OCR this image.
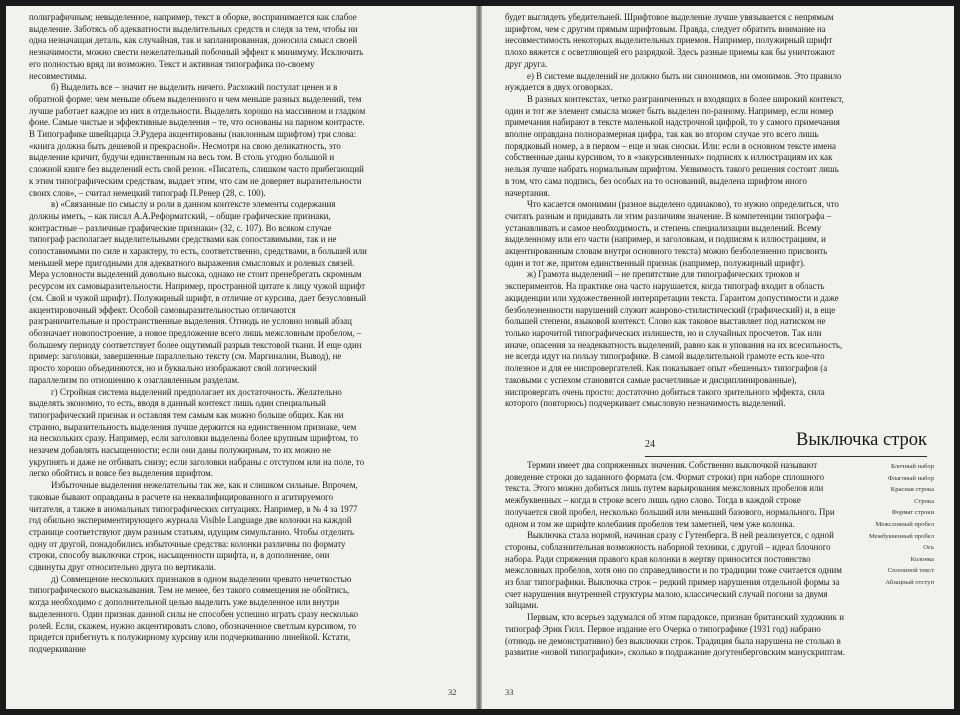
полиграфичным; невыделенное, например, текст в оборке, воспринимается как слабое выделение. Заботясь об адекватности выделительных средств и следя за тем, чтобы ни одна незначащая деталь, как случайная, так и запланированная, доносила смысл своей незначимости, можно свести нежелательный побочный эффект к минимуму. Исключить его полностью вряд ли возможно. Текст и активная типографика по-своему несовместимы.

б) Выделить все – значит не выделить ничего. Расхожий постулат ценен и в обратной форме: чем меньше объем выделенного и чем меньше разных выделений, тем лучше работает каждое из них в отдельности. Выделять хорошо на массивном и гладком фоне. Самые чистые и эффективные выделения – те, что основаны на парном контрасте. В Типографике швейцарца Э.Рудера акцентированы (наклонным шрифтом) три слова: «книга должна быть дешевой и прекрасной». Несмотря на свою деликатность, это выделение кричит, будучи единственным на весь том. В столь угодно большой и сложной книге без выделений есть свой резон. «Писатель, слишком часто прибегающий к этим типографическим средствам, выдает этим, что сам не доверяет выразительности своих слов», – считал немецкий типограф П.Ренер (28, с. 100).

в) «Связанные по смыслу и роли в данном контексте элементы содержания должны иметь, – как писал А.А.Реформатский, – общие графические признаки, контрастные – различные графические признаки» (32, с. 107). Во всяком случае типограф располагает выделительными средствами как сопоставимыми, так и не сопоставимыми по силе и характеру, то есть, соответственно, средствами, в большей или меньшей мере пригодными для адекватного выражения смысловых и ролевых связей. Мера условности выделений довольно высока, однако не стоит пренебрегать скромным ресурсом их самовыразительности. Например, прострaнной цитате к лицу чужой шрифт (см. Свой и чужой шрифт). Полужирный шрифт, в отличие от курсива, дает безусловный акцентировочный эффект. Особой самовыразительностью отличаются разграничительные и пространственные выделения. Отнюдь не условно новый абзац обозначает новопостроение, а новое предложение всего лишь межсловным пробелом, – большему периоду соответствует более ощутимый разрыв текстовой ткани. И еще один пример: заголовки, завершенные параллельно тексту (см. Маргиналии, Вывод), не просто хорошо объединяются, но и буквально изображают свой логический параллелизм по отношению к озаглавленным разделам.

г) Стройная система выделений предполагает их достаточность. Желательно выделять экономно, то есть, вводя в данный контекст лишь один специальный типографический признак и оставляя тем самым как можно больше общих. Как ни странно, выразительность выделения лучше держится на единственном признаке, чем на нескольких сразу. Например, если заголовки выделены более крупным шрифтом, то незачем добавлять насыщенности; если они даны полужирным, то их можно не укрупнять и даже не отбивать снизу; если заголовки набраны с отступом или на поле, то легко обойтись и вовсе без выделения шрифтом.

Избыточные выделения нежелательны так же, как и слишком сильные. Впрочем, таковые бывают оправданы в расчете на неквалифицированного и агитируемого читателя, а также в аномальных типографических ситуациях. Например, в № 4 за 1977 год обильно экспериментирующего журнала Visible Language две колонки на каждой странице соответствуют двум разным статьям, идущим симультанно. Чтобы отделить одну от другой, понадобились избыточные средства: колонки различны по формату строки, способу выключки строк, насыщенности шрифта, и, в дополнение, они сдвинуты друг относительно друга по вертикали.

д) Совмещение нескольких признаков в одном выделении чревато нечеткостью типографического высказывания. Тем не менее, без такого совмещения не обойтись, когда необходимо с дополнительной целью выделить уже выделенное или внутри выделенного. Один признак данной силы не способен успешно играть сразу несколько ролей. Если, скажем, нужно акцентировать слово, обозначенное светлым курсивом, то придется прибегнуть к полужирному курсиву или подчеркиванию линейкой. Кстати, подчеркивание

32

будет выглядеть убедительней. Шрифтовое выделение лучше увязывается с непрямым шрифтом, чем с другим прямым шрифтовым. Правда, следует обратить внимание на несовместимость некоторых выделительных приемов. Например, полужирный шрифт плохо вяжется с осветляющей его разрядкой. Здесь разные приемы как бы уничтожают друг друга.

е) В системе выделений не должно быть ни синонимов, ни омонимов. Это правило нуждается в двух оговорках.

В разных контекстах, четко разграниченных и входящих в более широкий контекст, один и тот же элемент смысла может быть выделен по-разному. Например, если номер примечания набирают в тексте маленькой надстрочной цифрой, то у самого примечания вполне оправдана полноразмерная цифра, так как во втором случае это всего лишь порядковый номер, а в первом – еще и знак сноски. Или: если в основном тексте имена собственные даны курсивом, то в «закурсивленных» подписях к иллюстрациям их как нельзя лучше набрать нормальным шрифтом. Уязвимость такого решения состоит лишь в том, что сама подпись, без особых на то оснований, выделена шрифтом иного начертания.

Что касается омонимии (разное выделено одинаково), то нужно определиться, что считать разным и придавать ли этим различиям значение. В компетенции типографа – устанавливать и самое необходимость, и степень специализации выделений. Всему выделенному или его части (например, и заголовкам, и подписям к иллюстрациям, и акцентированным словам внутри основного текста) можно безболезненно присвоить один и тот же, притом единственный признак (например, полужирный шрифт).

ж) Грамота выделений – не препятствие для типографических трюков и экспериментов. На практике она часто нарушается, когда типограф входит в область акциденции или художественной интерпретации текста. Гарантом допустимости и даже безболезненности нарушений служит жанрово-стилистический (графический) и, в еще большей степени, языковой контекст. Слово как таковое выставляет под натиском не только нарочитой типографических излишеств, но и случайных просчетов. Так или иначе, опасения за неадекватность выделений, равно как и упования на их всесильность, не всегда идут на пользу типографике. В самой выделительной грамоте есть кое-что полезное и для ее ниспровергателей. Как показывает опыт «бешеных» типографов (а таковыми с успехом становятся самые расчетливые и дисциплинированные), ниспровергать очень просто: достаточно добиться такого зрительного эффекта, сила которого (повторюсь) подчеркивает смысловую незначимость выделений.

24	Выключка строк

Термин имеет два сопряженных значения. Собственно выключкой называют доведение строки до заданного формата (см. Формат строки) при наборе сплошного текста. Этого можно добиться лишь путем варьирования межсловных пробелов или межбуквенных – когда в строке всего лишь одно слово. Тогда в каждой строке получается свой пробел, несколько больший или меньший базового, нормального. При одном и том же шрифте колебания пробелов тем заметней, чем уже колонка.

Выключка стала нормой, начиная сразу с Гутенберга. В ней реализуется, с одной стороны, соблазнительная возможность наборной техники, с другой – идеал блочного набора. Ради спряжения правого края колонки в жертву приносится постоянство межсловных пробелов, хотя оно по справедливости и по традиции тоже считается одним из благ типографики. Выключка строк – редкий пример нарушения отдельной формы за счет нарушения внутренней структуры малою, классический случай погони за двумя зайцами.

Первым, кто всерьез задумался об этом парадоксе, признан британский художник и типограф Эрик Гилл. Первое издание его Очерка о типографике (1931 год) набрано (отнюдь не демонстративно) без выключки строк. Традиция была нарушена не столько в развитие «новой типографики», сколько в подражание догутенберговским манускриптам.

Блочный набор
Флаговый набор
Красная строка
Строка
Формат строки
Межсловный пробел
Межбуквенный пробел
Ось
Колонка
Сплошной текст
Абзацный отступ
33
